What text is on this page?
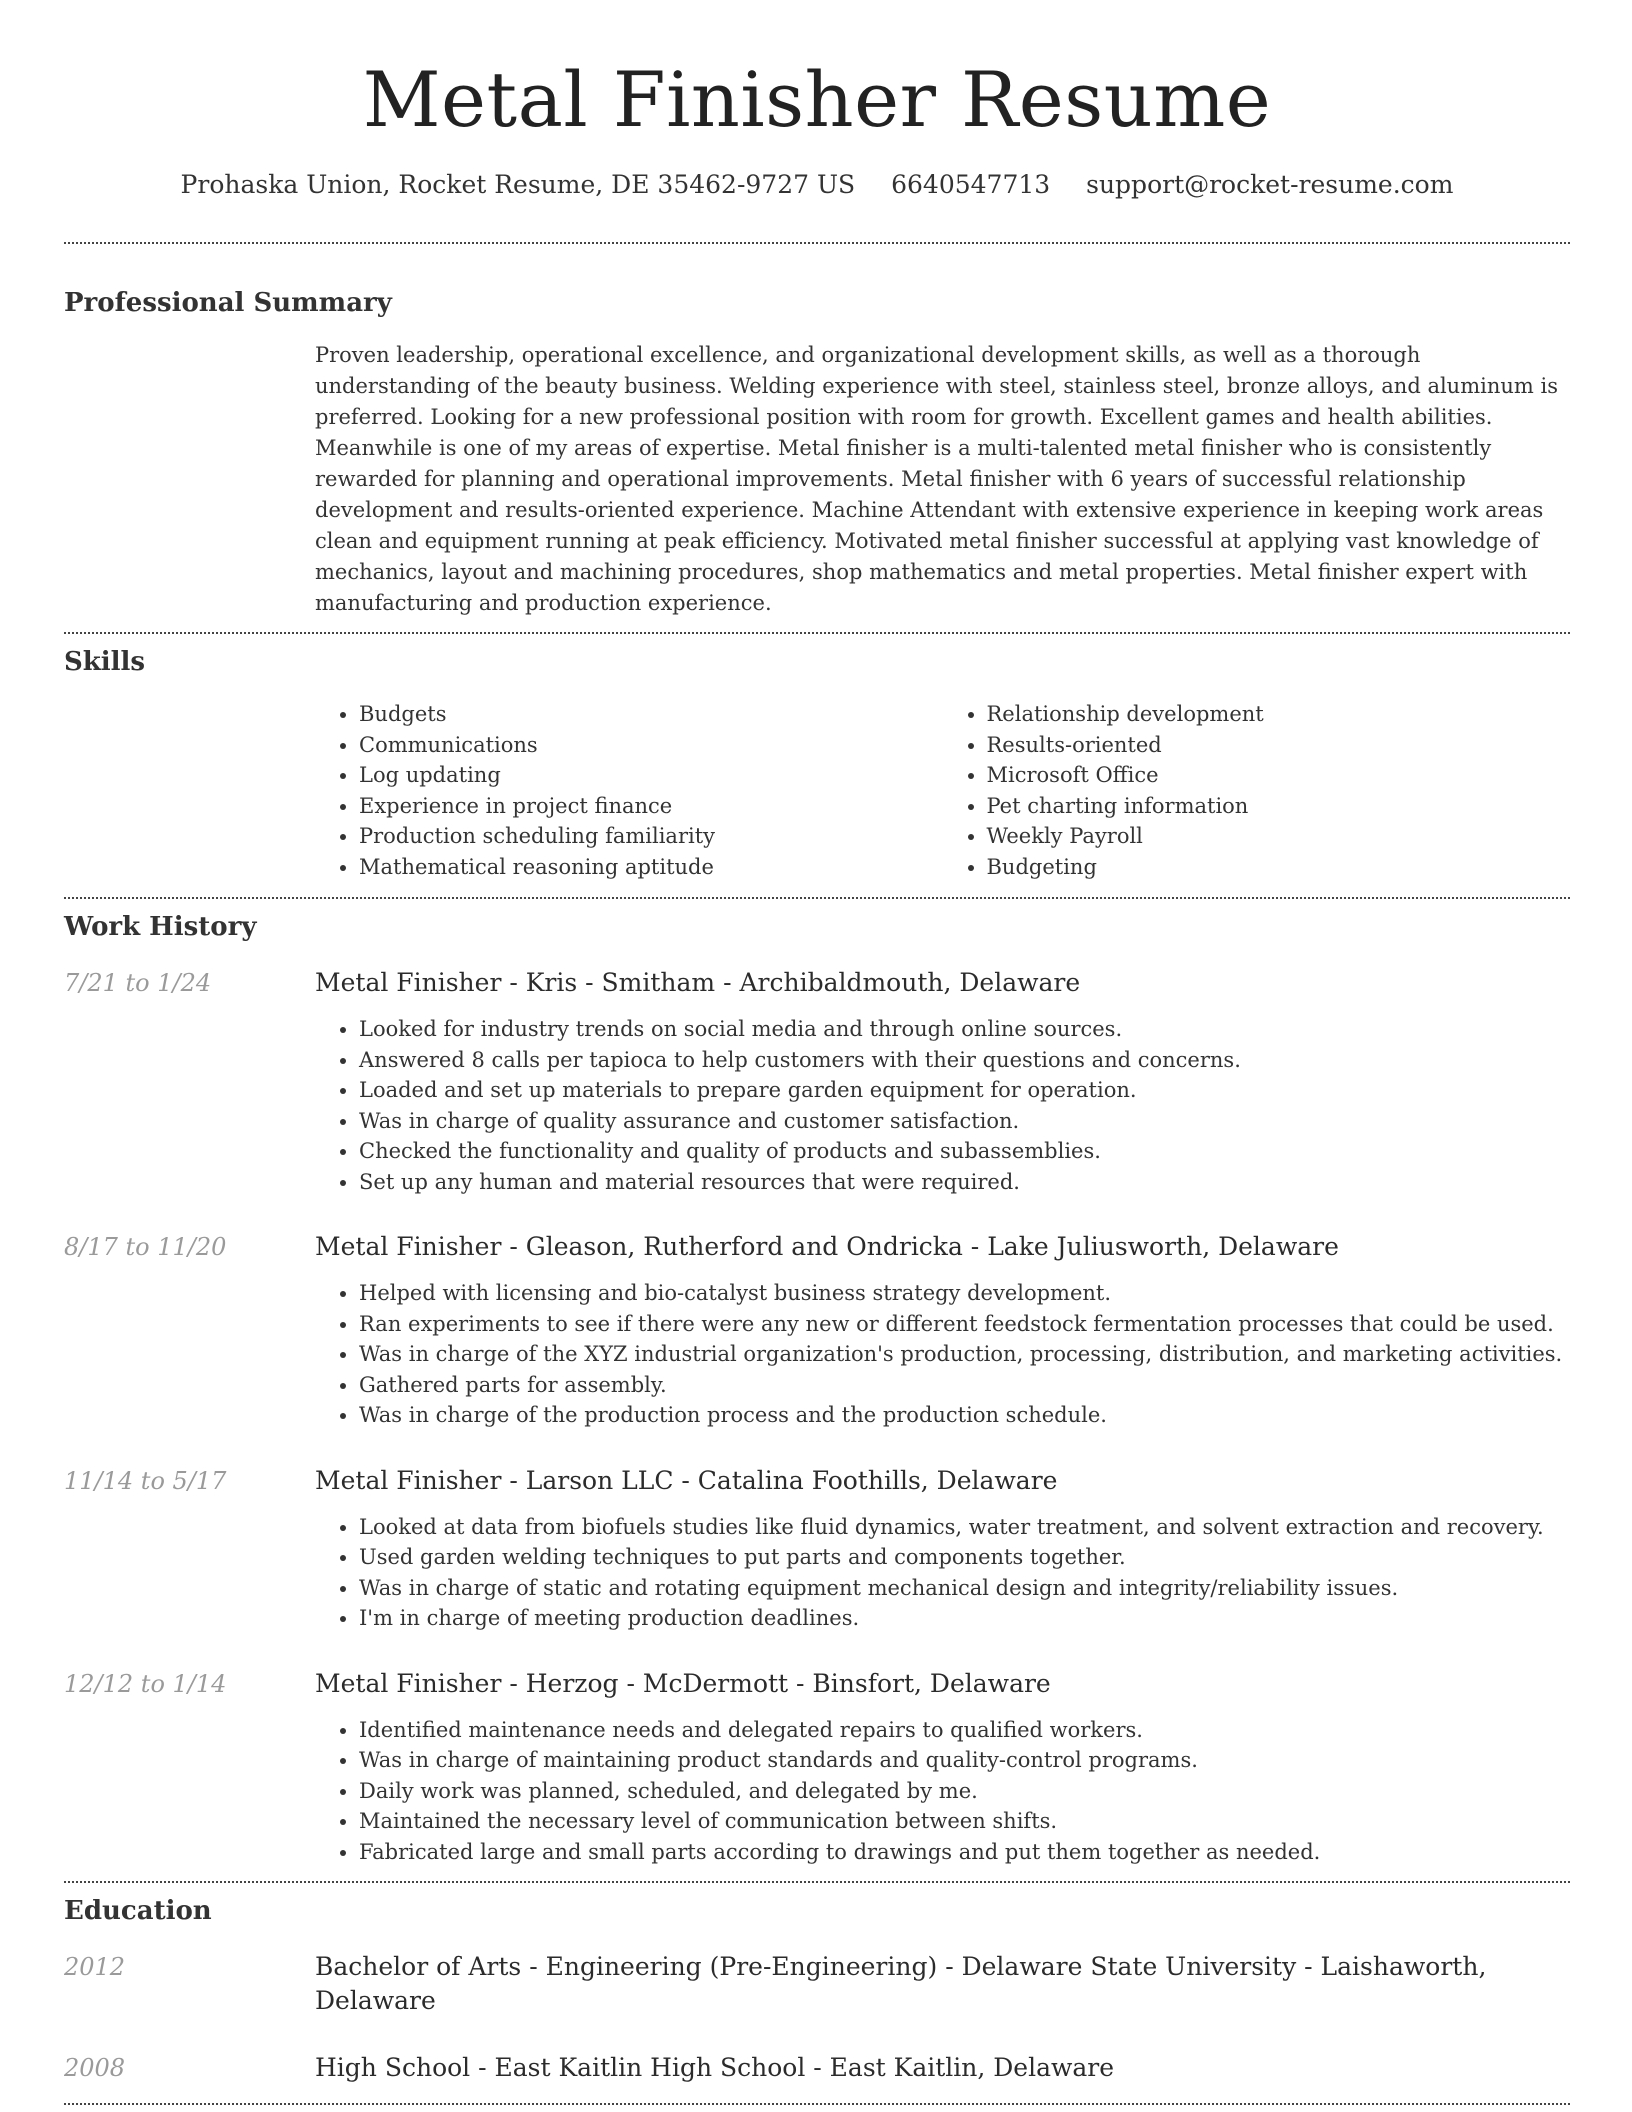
Metal Finisher Resume
Prohaska Union, Rocket Resume, DE 35462-9727 US 6640547713 support@rocket-resume.com
Professional Summary

Proven leadership, operational excellence, and organizational development skills, as well as a thorough understanding of the beauty business. Welding experience with steel, stainless steel, bronze alloys, and aluminum is preferred. Looking for a new professional position with room for growth. Excellent games and health abilities. Meanwhile is one of my areas of expertise. Metal finisher is a multi-talented metal finisher who is consistently rewarded for planning and operational improvements. Metal finisher with 6 years of successful relationship development and results-oriented experience. Machine Attendant with extensive experience in keeping work areas clean and equipment running at peak efficiency. Motivated metal finisher successful at applying vast knowledge of mechanics, layout and machining procedures, shop mathematics and metal properties. Metal finisher expert with manufacturing and production experience.

Skills
• Budgets
• Communications
• Log updating
• Experience in project finance
• Production scheduling familiarity
• Mathematical reasoning aptitude
• Relationship development
• Results-oriented
• Microsoft Office
• Pet charting information
• Weekly Payroll
• Budgeting
Work History
7/21 to 1/24	Metal Finisher - Kris - Smitham - Archibaldmouth, Delaware
• Looked for industry trends on social media and through online sources.
• Answered 8 calls per tapioca to help customers with their questions and concerns.
• Loaded and set up materials to prepare garden equipment for operation.
• Was in charge of quality assurance and customer satisfaction.
• Checked the functionality and quality of products and subassemblies.
• Set up any human and material resources that were required.
8/17 to 11/20	Metal Finisher - Gleason, Rutherford and Ondricka - Lake Juliusworth, Delaware
• Helped with licensing and bio-catalyst business strategy development.
• Ran experiments to see if there were any new or different feedstock fermentation processes that could be used.
• Was in charge of the XYZ industrial organization's production, processing, distribution, and marketing activities.
• Gathered parts for assembly.
• Was in charge of the production process and the production schedule.
11/14 to 5/17	Metal Finisher - Larson LLC - Catalina Foothills, Delaware
• Looked at data from biofuels studies like fluid dynamics, water treatment, and solvent extraction and recovery.
• Used garden welding techniques to put parts and components together.
• Was in charge of static and rotating equipment mechanical design and integrity/reliability issues.
• I'm in charge of meeting production deadlines.
12/12 to 1/14	Metal Finisher - Herzog - McDermott - Binsfort, Delaware
• Identified maintenance needs and delegated repairs to qualified workers.
• Was in charge of maintaining product standards and quality-control programs.
• Daily work was planned, scheduled, and delegated by me.
• Maintained the necessary level of communication between shifts.
• Fabricated large and small parts according to drawings and put them together as needed.
Education
2012	Bachelor of Arts - Engineering (Pre-Engineering) - Delaware State University - Laishaworth, Delaware
2008	High School - East Kaitlin High School - East Kaitlin, Delaware
